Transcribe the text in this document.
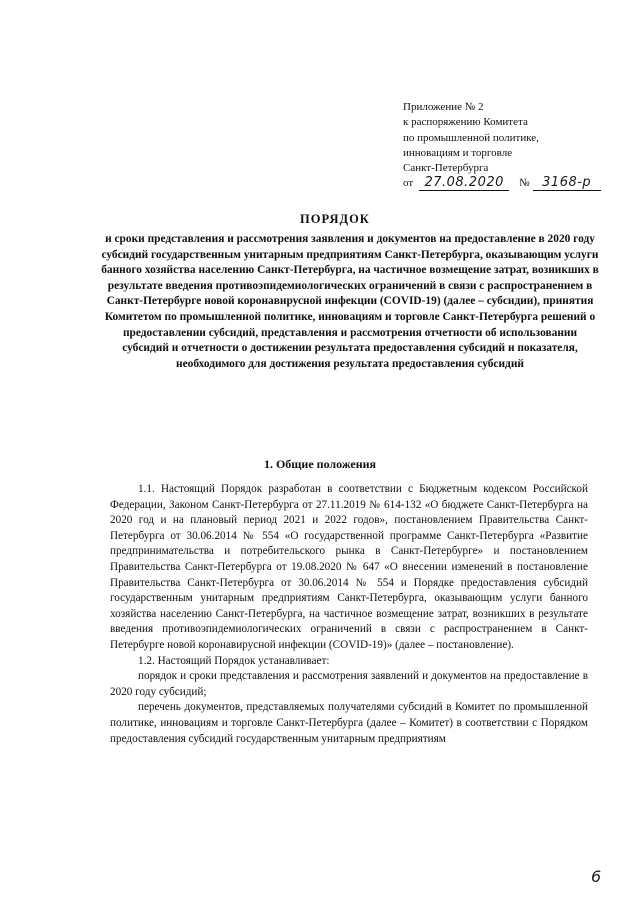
Приложение № 2
к распоряжению Комитета
по промышленной политике,
инновациям и торговле
Санкт-Петербурга
от 27.08.2020	№ 3168-р
ПОРЯДОК
и сроки представления и рассмотрения заявления и документов на предоставление в 2020 году субсидий государственным унитарным предприятиям Санкт-Петербурга, оказывающим услуги банного хозяйства населению Санкт-Петербурга, на частичное возмещение затрат, возникших в результате введения противоэпидемиологических ограничений в связи с распространением в Санкт-Петербурге новой коронавирусной инфекции (COVID-19) (далее – субсидии), принятия Комитетом по промышленной политике, инновациям и торговле Санкт-Петербурга решений о предоставлении субсидий, представления и рассмотрения отчетности об использовании субсидий и отчетности о достижении результата предоставления субсидий и показателя, необходимого для достижения результата предоставления субсидий
1. Общие положения

1.1. Настоящий Порядок разработан в соответствии с Бюджетным кодексом Российской Федерации, Законом Санкт-Петербурга от 27.11.2019 № 614-132 «О бюджете Санкт-Петербурга на 2020 год и на плановый период 2021 и 2022 годов», постановлением Правительства Санкт-Петербурга от 30.06.2014 № 554 «О государственной программе Санкт-Петербурга «Развитие предпринимательства и потребительского рынка в Санкт-Петербурге» и постановлением Правительства Санкт-Петербурга от 19.08.2020 № 647 «О внесении изменений в постановление Правительства Санкт-Петербурга от 30.06.2014 № 554 и Порядке предоставления субсидий государственным унитарным предприятиям Санкт-Петербурга, оказывающим услуги банного хозяйства населению Санкт-Петербурга, на частичное возмещение затрат, возникших в результате введения противоэпидемиологических ограничений в связи с распространением в Санкт-Петербурге новой коронавирусной инфекции (COVID-19)» (далее – постановление).

1.2. Настоящий Порядок устанавливает:

порядок и сроки представления и рассмотрения заявлений и документов на предоставление в 2020 году субсидий;

перечень документов, представляемых получателями субсидий в Комитет по промышленной политике, инновациям и торговле Санкт-Петербурга (далее – Комитет) в соответствии с Порядком предоставления субсидий государственным унитарным предприятиям

6
